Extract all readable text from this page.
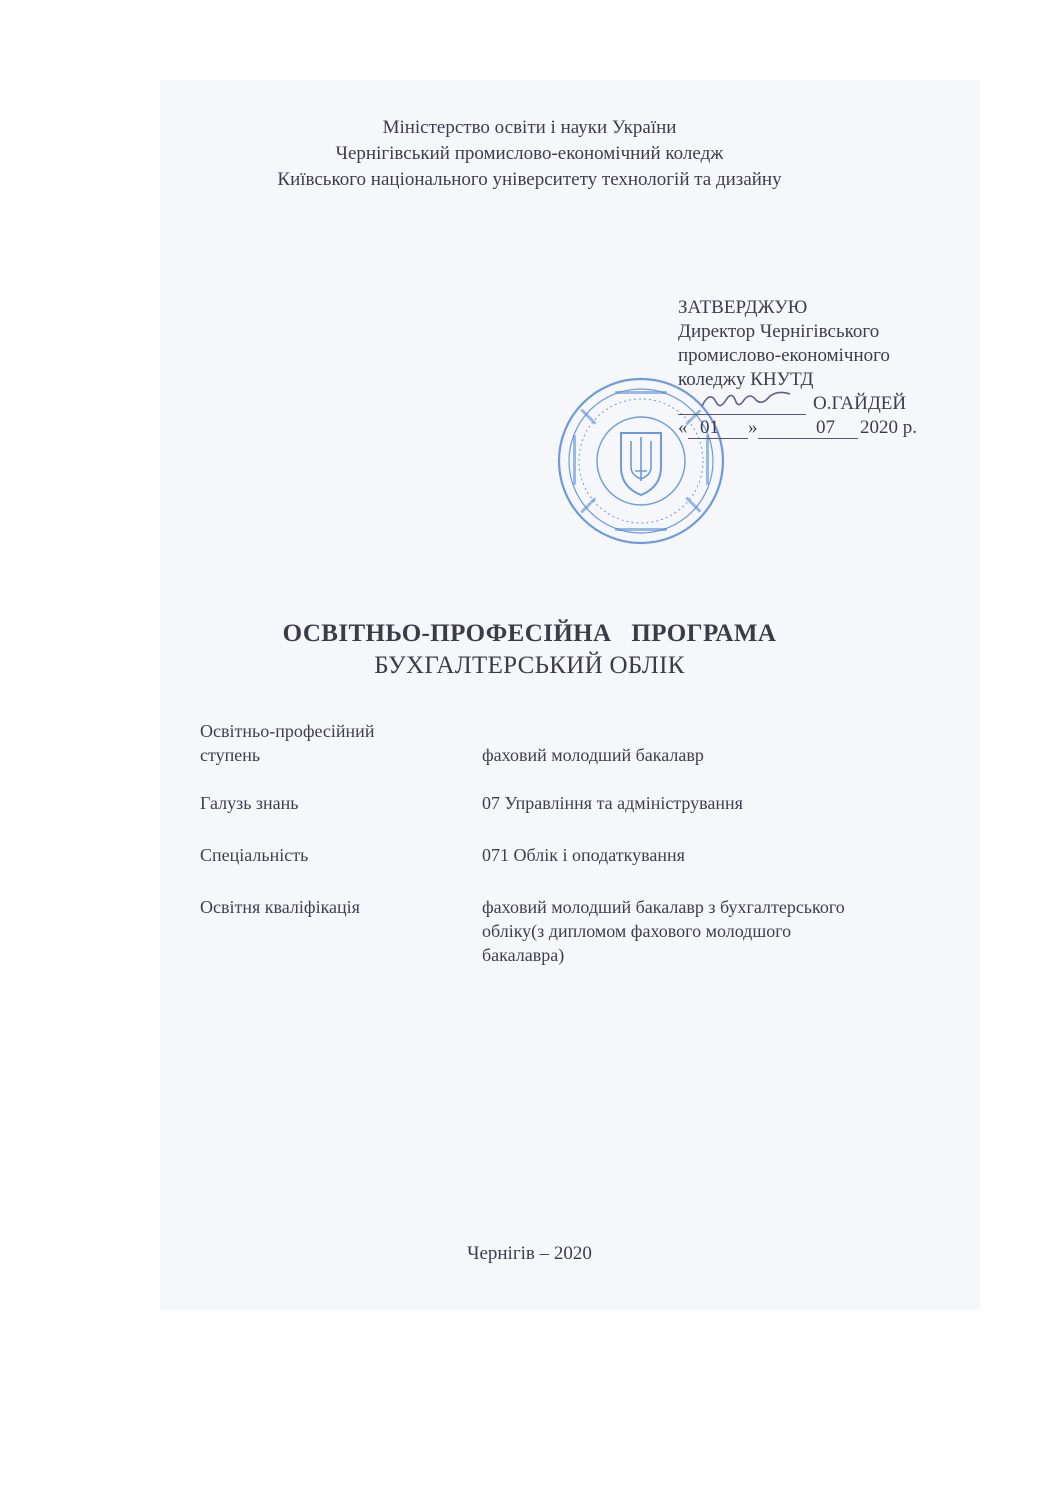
Міністерство освіти і науки України
Чернігівський промислово-економічний коледж
Київського національного університету технологій та дизайну
ЗАТВЕРДЖУЮ
Директор Чернігівського
промислово-економічного
коледжу КНУТД
О.ГАЙДЕЙ
« 01 »	07 2020 р.
ОСВІТНЬО-ПРОФЕСІЙНА   ПРОГРАМА
БУХГАЛТЕРСЬКИЙ ОБЛІК
Освітньо-професійний
ступень	фаховий молодший бакалавр
Галузь знань	07 Управління та адміністрування
Спеціальність	071 Облік і оподаткування
Освітня кваліфікація	фаховий молодший бакалавр з бухгалтерського
обліку(з дипломом фахового молодшого
бакалавра)
Чернігів – 2020
